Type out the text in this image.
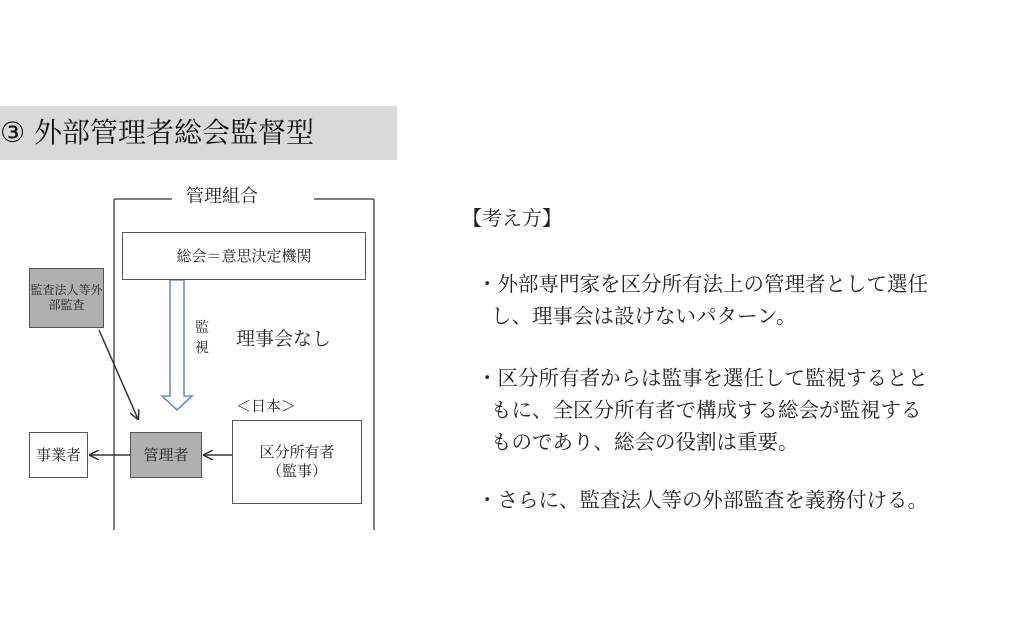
③ 外部管理者総会監督型
管理組合
総会＝意思決定機関
監
視 理事会なし
＜日本＞
区分所有者
（監事）
管理者
事業者
監査法人等外
部監査
【考え方】
・外部専門家を区分所有法上の管理者として選任
し、理事会は設けないパターン。
・区分所有者からは監事を選任して監視するとと
もに、全区分所有者で構成する総会が監視する
ものであり、総会の役割は重要。
・さらに、監査法人等の外部監査を義務付ける。
